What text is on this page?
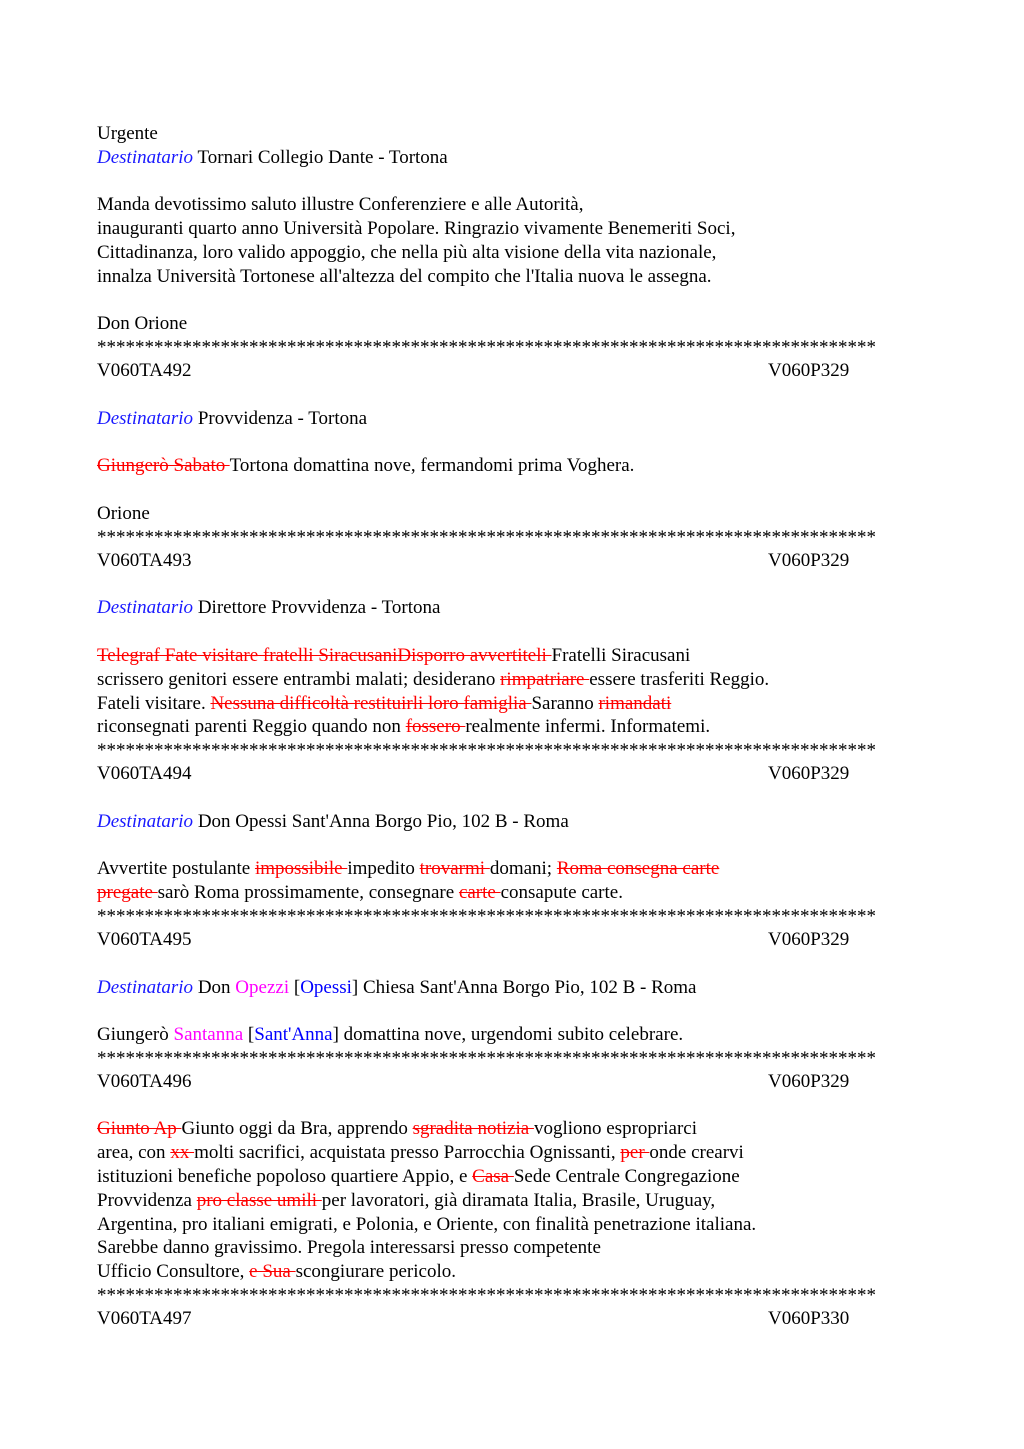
Urgente
Destinatario Tornari Collegio Dante - Tortona
Manda devotissimo saluto illustre Conferenziere e alle Autorità,
inauguranti quarto anno Università Popolare. Ringrazio vivamente Benemeriti Soci,
Cittadinanza, loro valido appoggio, che nella più alta visione della vita nazionale,
innalza Università Tortonese all'altezza del compito che l'Italia nuova le assegna.
Don Orione
**********************************************************************************
V060TA492	V060P329
Destinatario Provvidenza - Tortona
Giungerò Sabato Tortona domattina nove, fermandomi prima Voghera.
Orione
**********************************************************************************
V060TA493	V060P329
Destinatario Direttore Provvidenza - Tortona
Telegraf Fate visitare fratelli SiracusaniDisporro avvertiteli Fratelli Siracusani
scrissero genitori essere entrambi malati; desiderano rimpatriare essere trasferiti Reggio.
Fateli visitare. Nessuna difficoltà restituirli loro famiglia Saranno rimandati
riconsegnati parenti Reggio quando non fossero realmente infermi. Informatemi.
**********************************************************************************
V060TA494	V060P329
Destinatario Don Opessi Sant'Anna Borgo Pio, 102 B - Roma
Avvertite postulante impossibile impedito trovarmi domani; Roma consegna carte
pregate sarò Roma prossimamente, consegnare carte consapute carte.
**********************************************************************************
V060TA495	V060P329
Destinatario Don Opezzi [Opessi] Chiesa Sant'Anna Borgo Pio, 102 B - Roma
Giungerò Santanna [Sant'Anna] domattina nove, urgendomi subito celebrare.
**********************************************************************************
V060TA496	V060P329
Giunto Ap Giunto oggi da Bra, apprendo sgradita notizia vogliono espropriarci
area, con xx molti sacrifici, acquistata presso Parrocchia Ognissanti, per onde crearvi
istituzioni benefiche popoloso quartiere Appio, e Casa Sede Centrale Congregazione
Provvidenza pro classe umili per lavoratori, già diramata Italia, Brasile, Uruguay,
Argentina, pro italiani emigrati, e Polonia, e Oriente, con finalità penetrazione italiana.
Sarebbe danno gravissimo. Pregola interessarsi presso competente
Ufficio Consultore, e Sua scongiurare pericolo.
**********************************************************************************
V060TA497	V060P330
